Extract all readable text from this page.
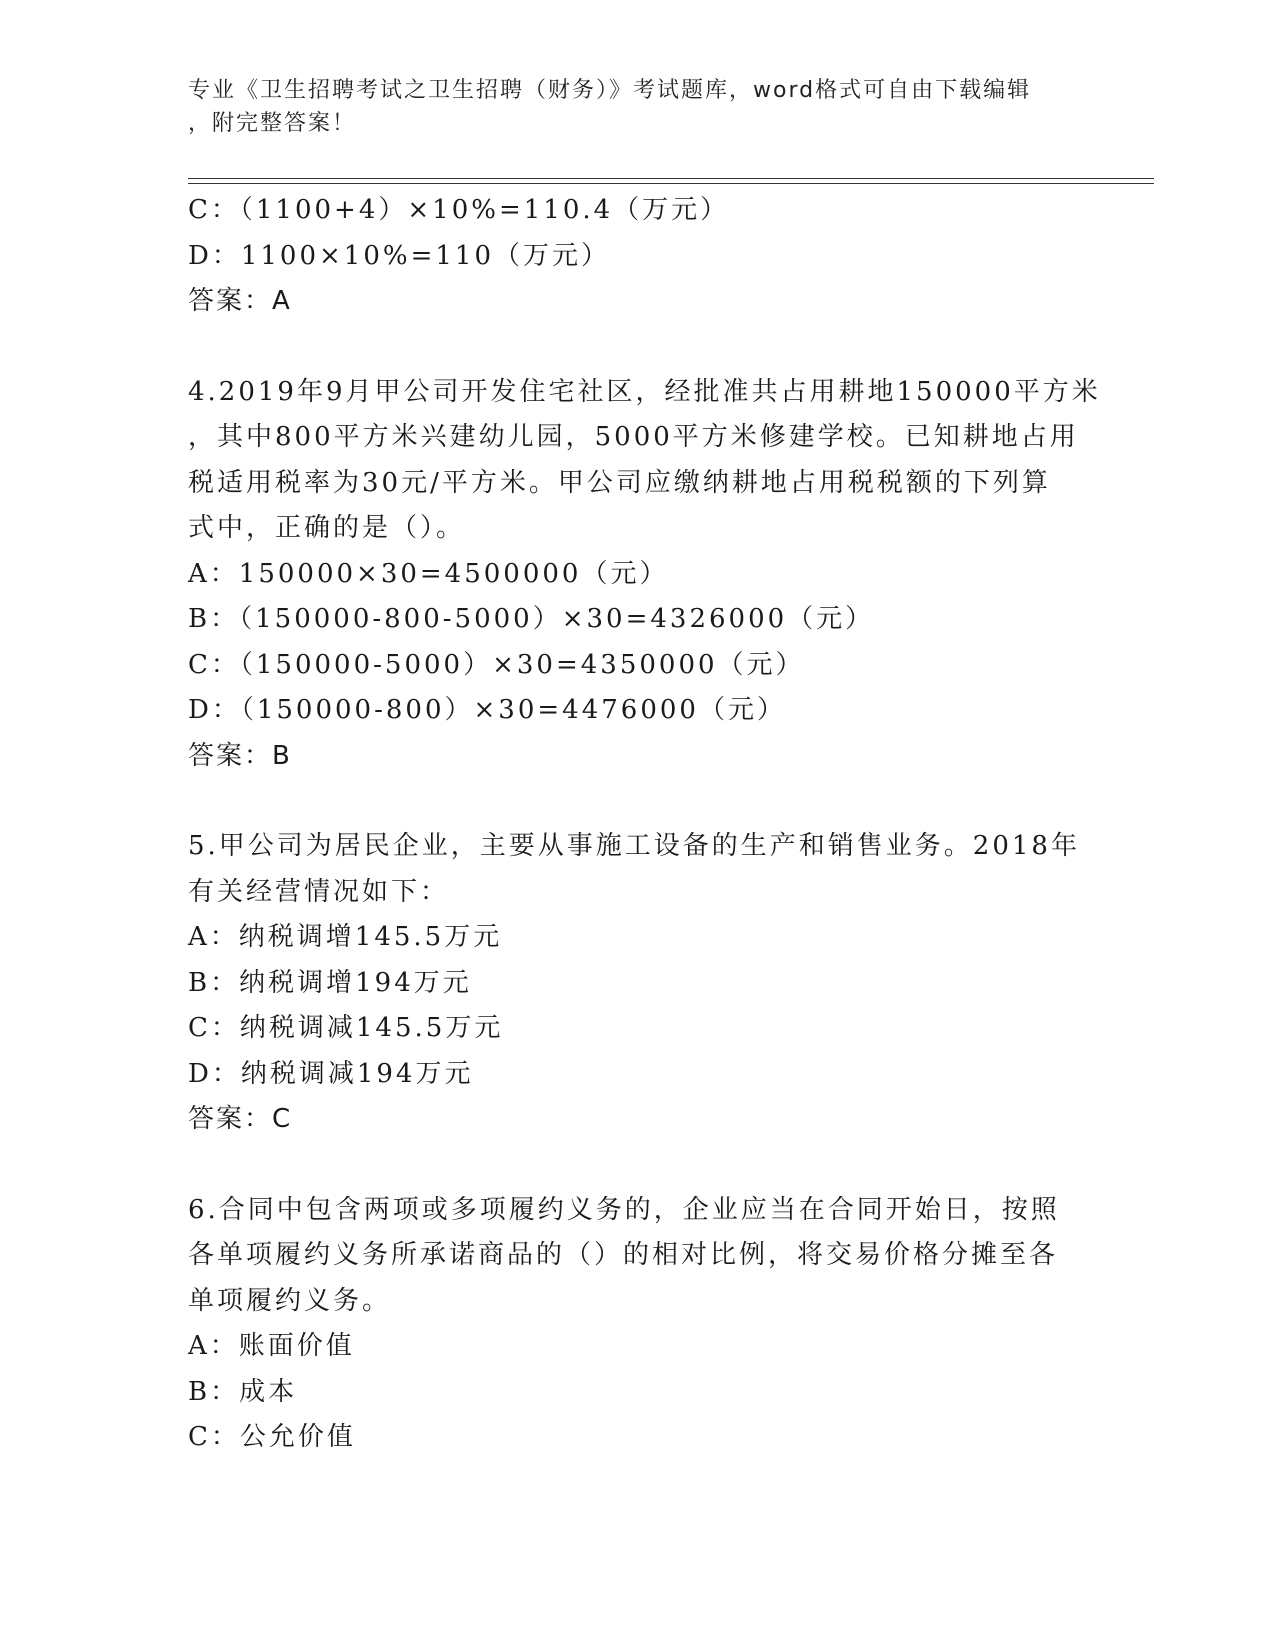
专业《卫生招聘考试之卫生招聘（财务）》考试题库，word格式可自由下载编辑
，附完整答案！
C：（1100+4）×10%=110.4（万元）
D：1100×10%=110（万元）
答案：A
4.2019年9月甲公司开发住宅社区，经批准共占用耕地150000平方米
，其中800平方米兴建幼儿园，5000平方米修建学校。已知耕地占用
税适用税率为30元/平方米。甲公司应缴纳耕地占用税税额的下列算
式中，正确的是（）。
A：150000×30=4500000（元）
B：（150000-800-5000）×30=4326000（元）
C：（150000-5000）×30=4350000（元）
D：（150000-800）×30=4476000（元）
答案：B
5.甲公司为居民企业，主要从事施工设备的生产和销售业务。2018年
有关经营情况如下：
A：纳税调增145.5万元
B：纳税调增194万元
C：纳税调减145.5万元
D：纳税调减194万元
答案：C
6.合同中包含两项或多项履约义务的，企业应当在合同开始日，按照
各单项履约义务所承诺商品的（）的相对比例，将交易价格分摊至各
单项履约义务。
A：账面价值
B：成本
C：公允价值
